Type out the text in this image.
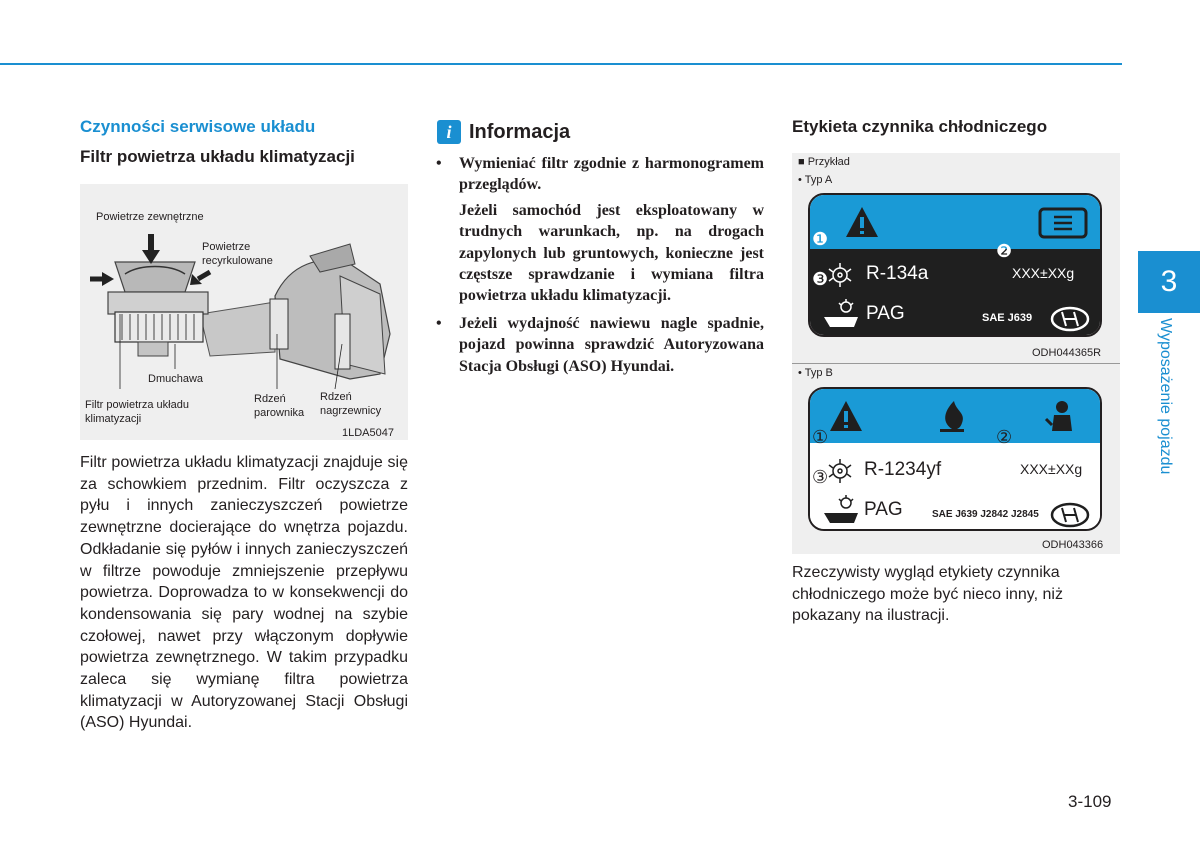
3
Wyposażenie pojazdu
Czynności serwisowe układu
Filtr powietrza układu klimatyzacji
Powietrze zewnętrzne
Powietrze recyrkulowane
Dmuchawa
Filtr powietrza układu klimatyzacji
Rdzeń parownika
Rdzeń nagrzewnicy
1LDA5047
Filtr powietrza układu klimatyzacji znajduje się za schowkiem przednim. Filtr oczyszcza z pyłu i innych zanieczyszczeń powietrze zewnętrzne docierające do wnętrza pojazdu. Odkładanie się pyłów i innych zanieczyszczeń w filtrze powoduje zmniejszenie przepływu powietrza. Doprowadza to w konsekwencji do kondensowania się pary wodnej na szybie czołowej, nawet przy włączonym dopływie powietrza zewnętrznego. W takim przypadku zaleca się wymianę filtra powietrza klimatyzacji w Autoryzowanej Stacji Obsługi (ASO) Hyundai.
i Informacja
• Wymieniać filtr zgodnie z harmonogramem przeglądów.
Jeżeli samochód jest eksploatowany w trudnych warunkach, np. na drogach zapylonych lub gruntowych, konieczne jest częstsze sprawdzanie i wymiana filtra powietrza układu klimatyzacji.
• Jeżeli wydajność nawiewu nagle spadnie, pojazd powinna sprawdzić Autoryzowana Stacja Obsługi (ASO) Hyundai.
Etykieta czynnika chłodniczego
■ Przykład
• Typ A
❶
❸
❷
R-134a	XXX±XXg
PAG	SAE J639
ODH044365R
• Typ B
①
③
②
R-1234yf	XXX±XXg
PAG	SAE J639 J2842 J2845
ODH043366
Rzeczywisty wygląd etykiety czynnika chłodniczego może być nieco inny, niż pokazany na ilustracji.
3-109
